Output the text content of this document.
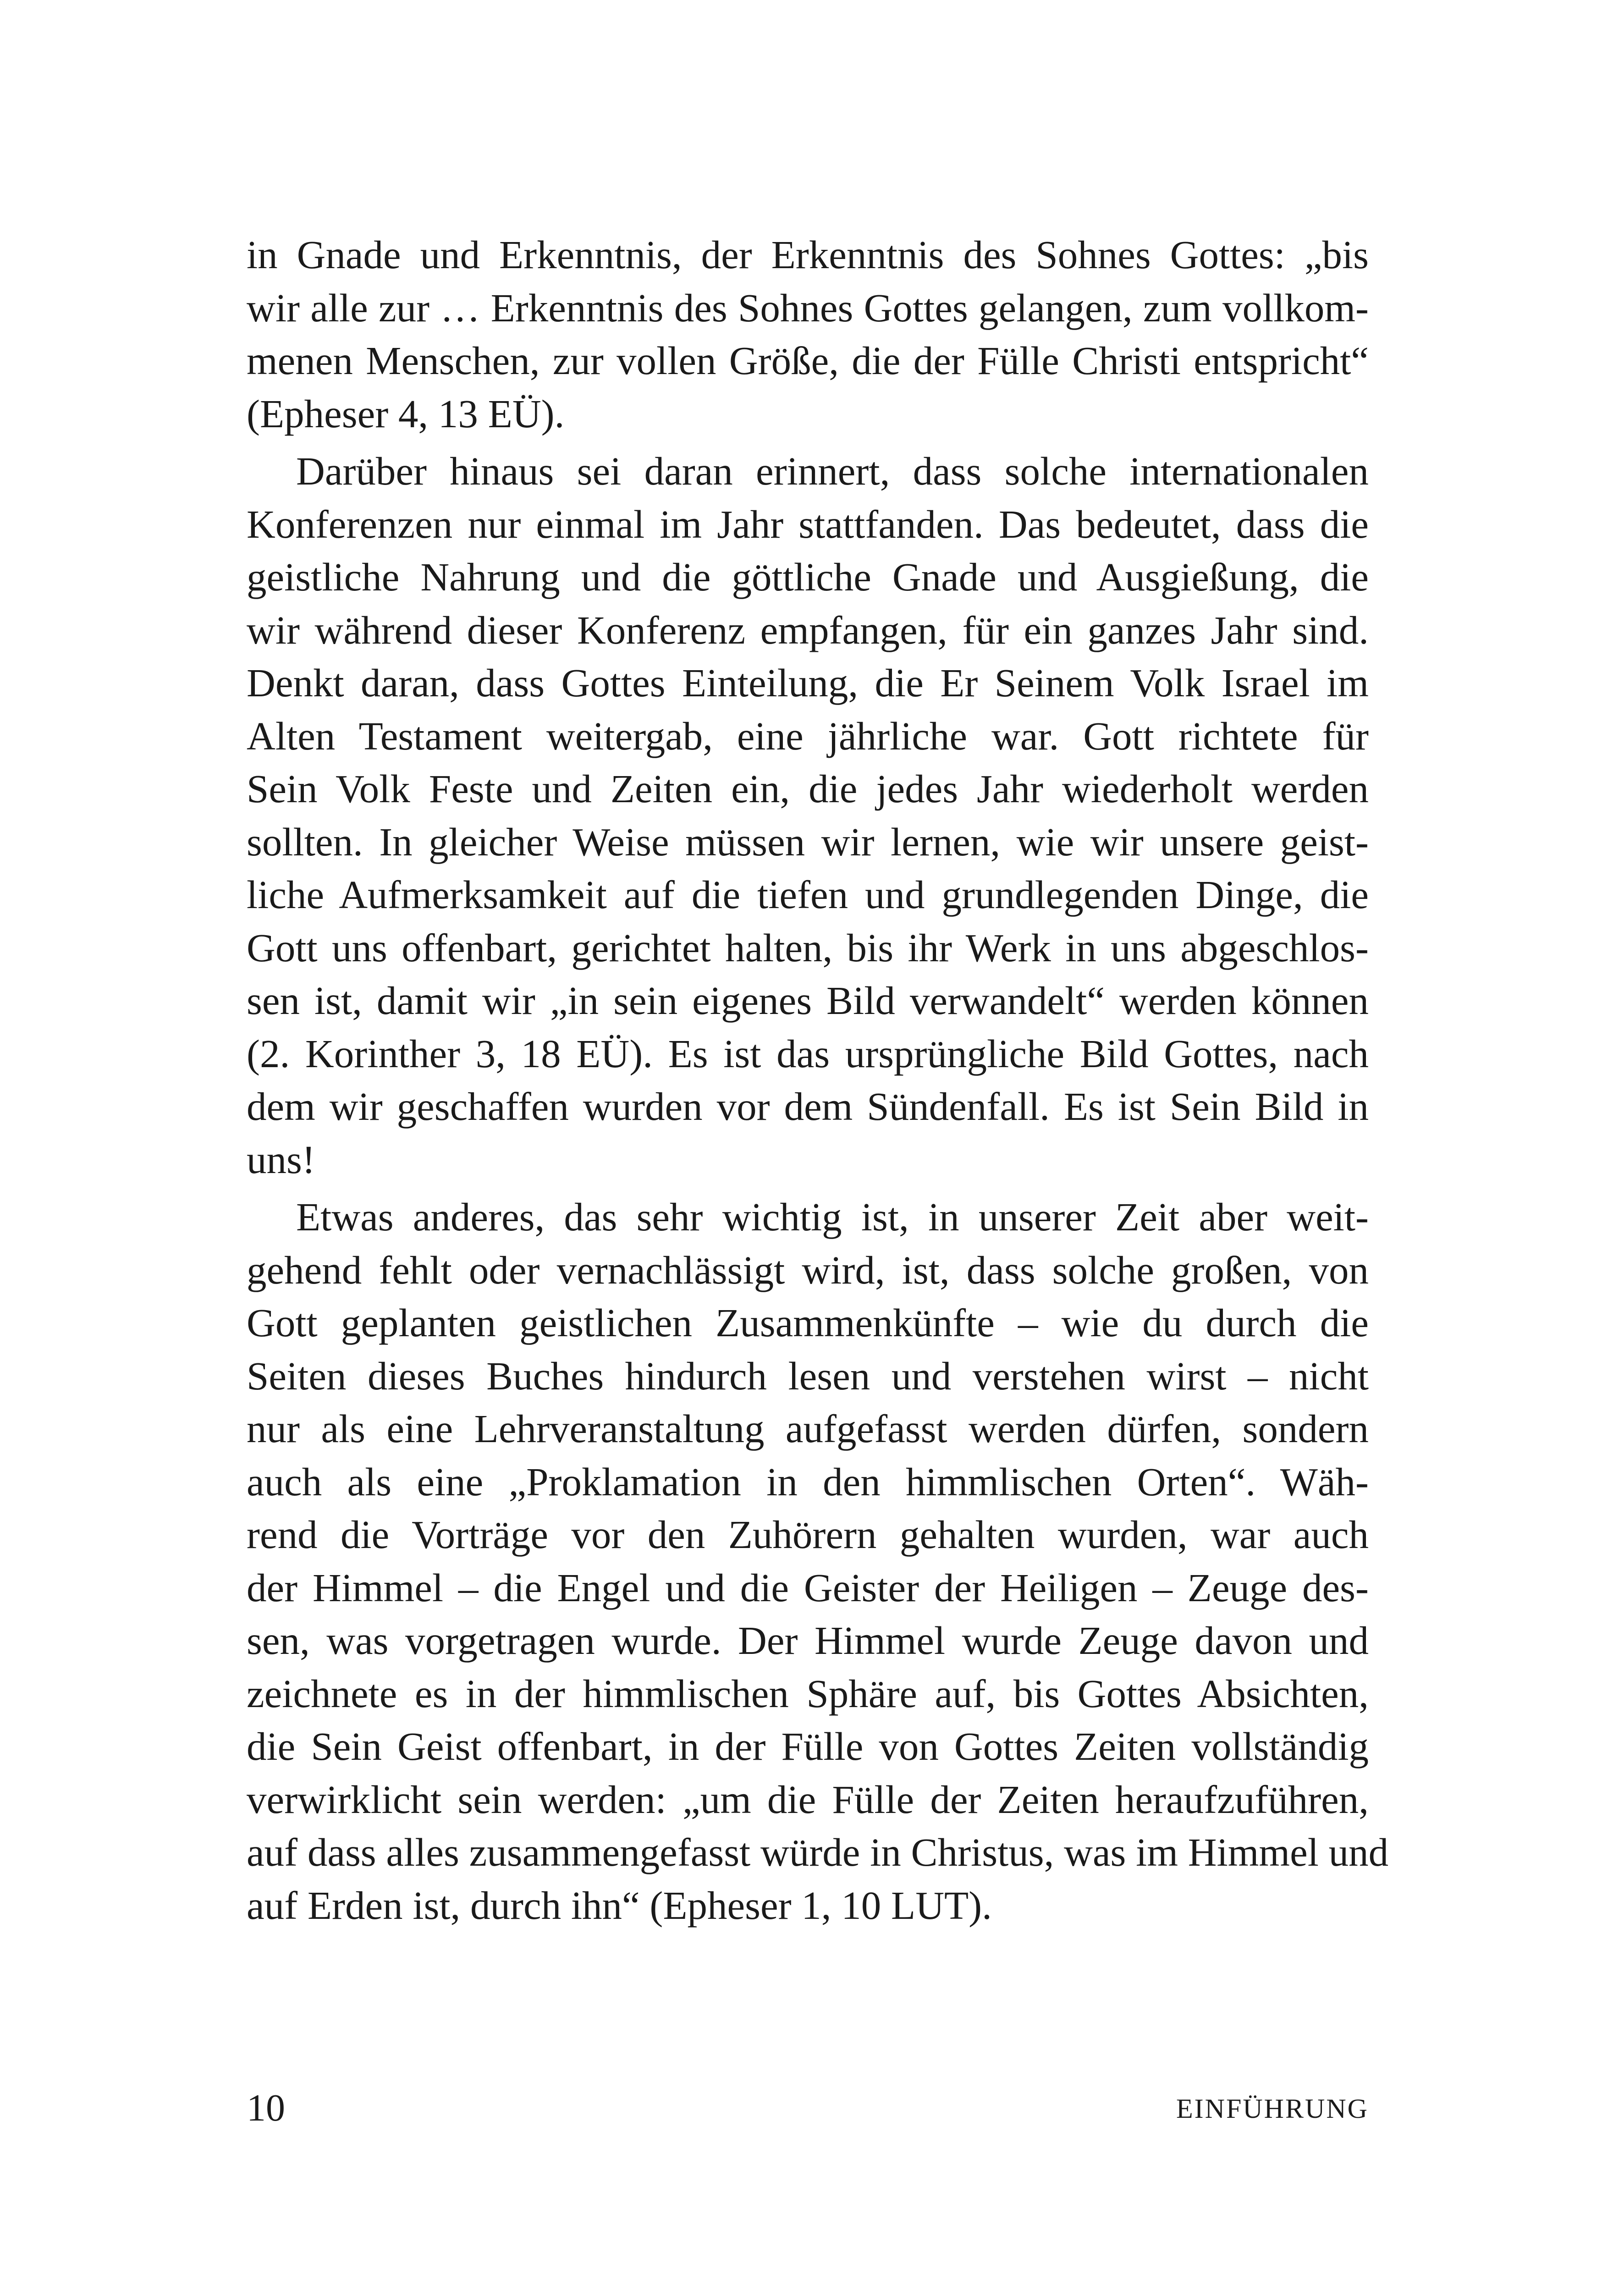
in Gnade und Erkenntnis, der Erkenntnis des Sohnes Gottes: „bis
wir alle zur … Erkenntnis des Sohnes Gottes gelangen, zum vollkom-
menen Menschen, zur vollen Größe, die der Fülle Christi entspricht“
(Epheser 4, 13 EÜ).
Darüber hinaus sei daran erinnert, dass solche internationalen
Konferenzen nur einmal im Jahr stattfanden. Das bedeutet, dass die
geistliche Nahrung und die göttliche Gnade und Ausgießung, die
wir während dieser Konferenz empfangen, für ein ganzes Jahr sind.
Denkt daran, dass Gottes Einteilung, die Er Seinem Volk Israel im
Alten Testament weitergab, eine jährliche war. Gott richtete für
Sein Volk Feste und Zeiten ein, die jedes Jahr wiederholt werden
sollten. In gleicher Weise müssen wir lernen, wie wir unsere geist-
liche Aufmerksamkeit auf die tiefen und grundlegenden Dinge, die
Gott uns offenbart, gerichtet halten, bis ihr Werk in uns abgeschlos-
sen ist, damit wir „in sein eigenes Bild verwandelt“ werden können
(2. Korinther 3, 18 EÜ). Es ist das ursprüngliche Bild Gottes, nach
dem wir geschaffen wurden vor dem Sündenfall. Es ist Sein Bild in
uns!
Etwas anderes, das sehr wichtig ist, in unserer Zeit aber weit-
gehend fehlt oder vernachlässigt wird, ist, dass solche großen, von
Gott geplanten geistlichen Zusammenkünfte – wie du durch die
Seiten dieses Buches hindurch lesen und verstehen wirst – nicht
nur als eine Lehrveranstaltung aufgefasst werden dürfen, sondern
auch als eine „Proklamation in den himmlischen Orten“. Wäh-
rend die Vorträge vor den Zuhörern gehalten wurden, war auch
der Himmel – die Engel und die Geister der Heiligen – Zeuge des-
sen, was vorgetragen wurde. Der Himmel wurde Zeuge davon und
zeichnete es in der himmlischen Sphäre auf, bis Gottes Absichten,
die Sein Geist offenbart, in der Fülle von Gottes Zeiten vollständig
verwirklicht sein werden: „um die Fülle der Zeiten heraufzuführen,
auf dass alles zusammengefasst würde in Christus, was im Himmel und
auf Erden ist, durch ihn“ (Epheser 1, 10 LUT).
10	EINFÜHRUNG
